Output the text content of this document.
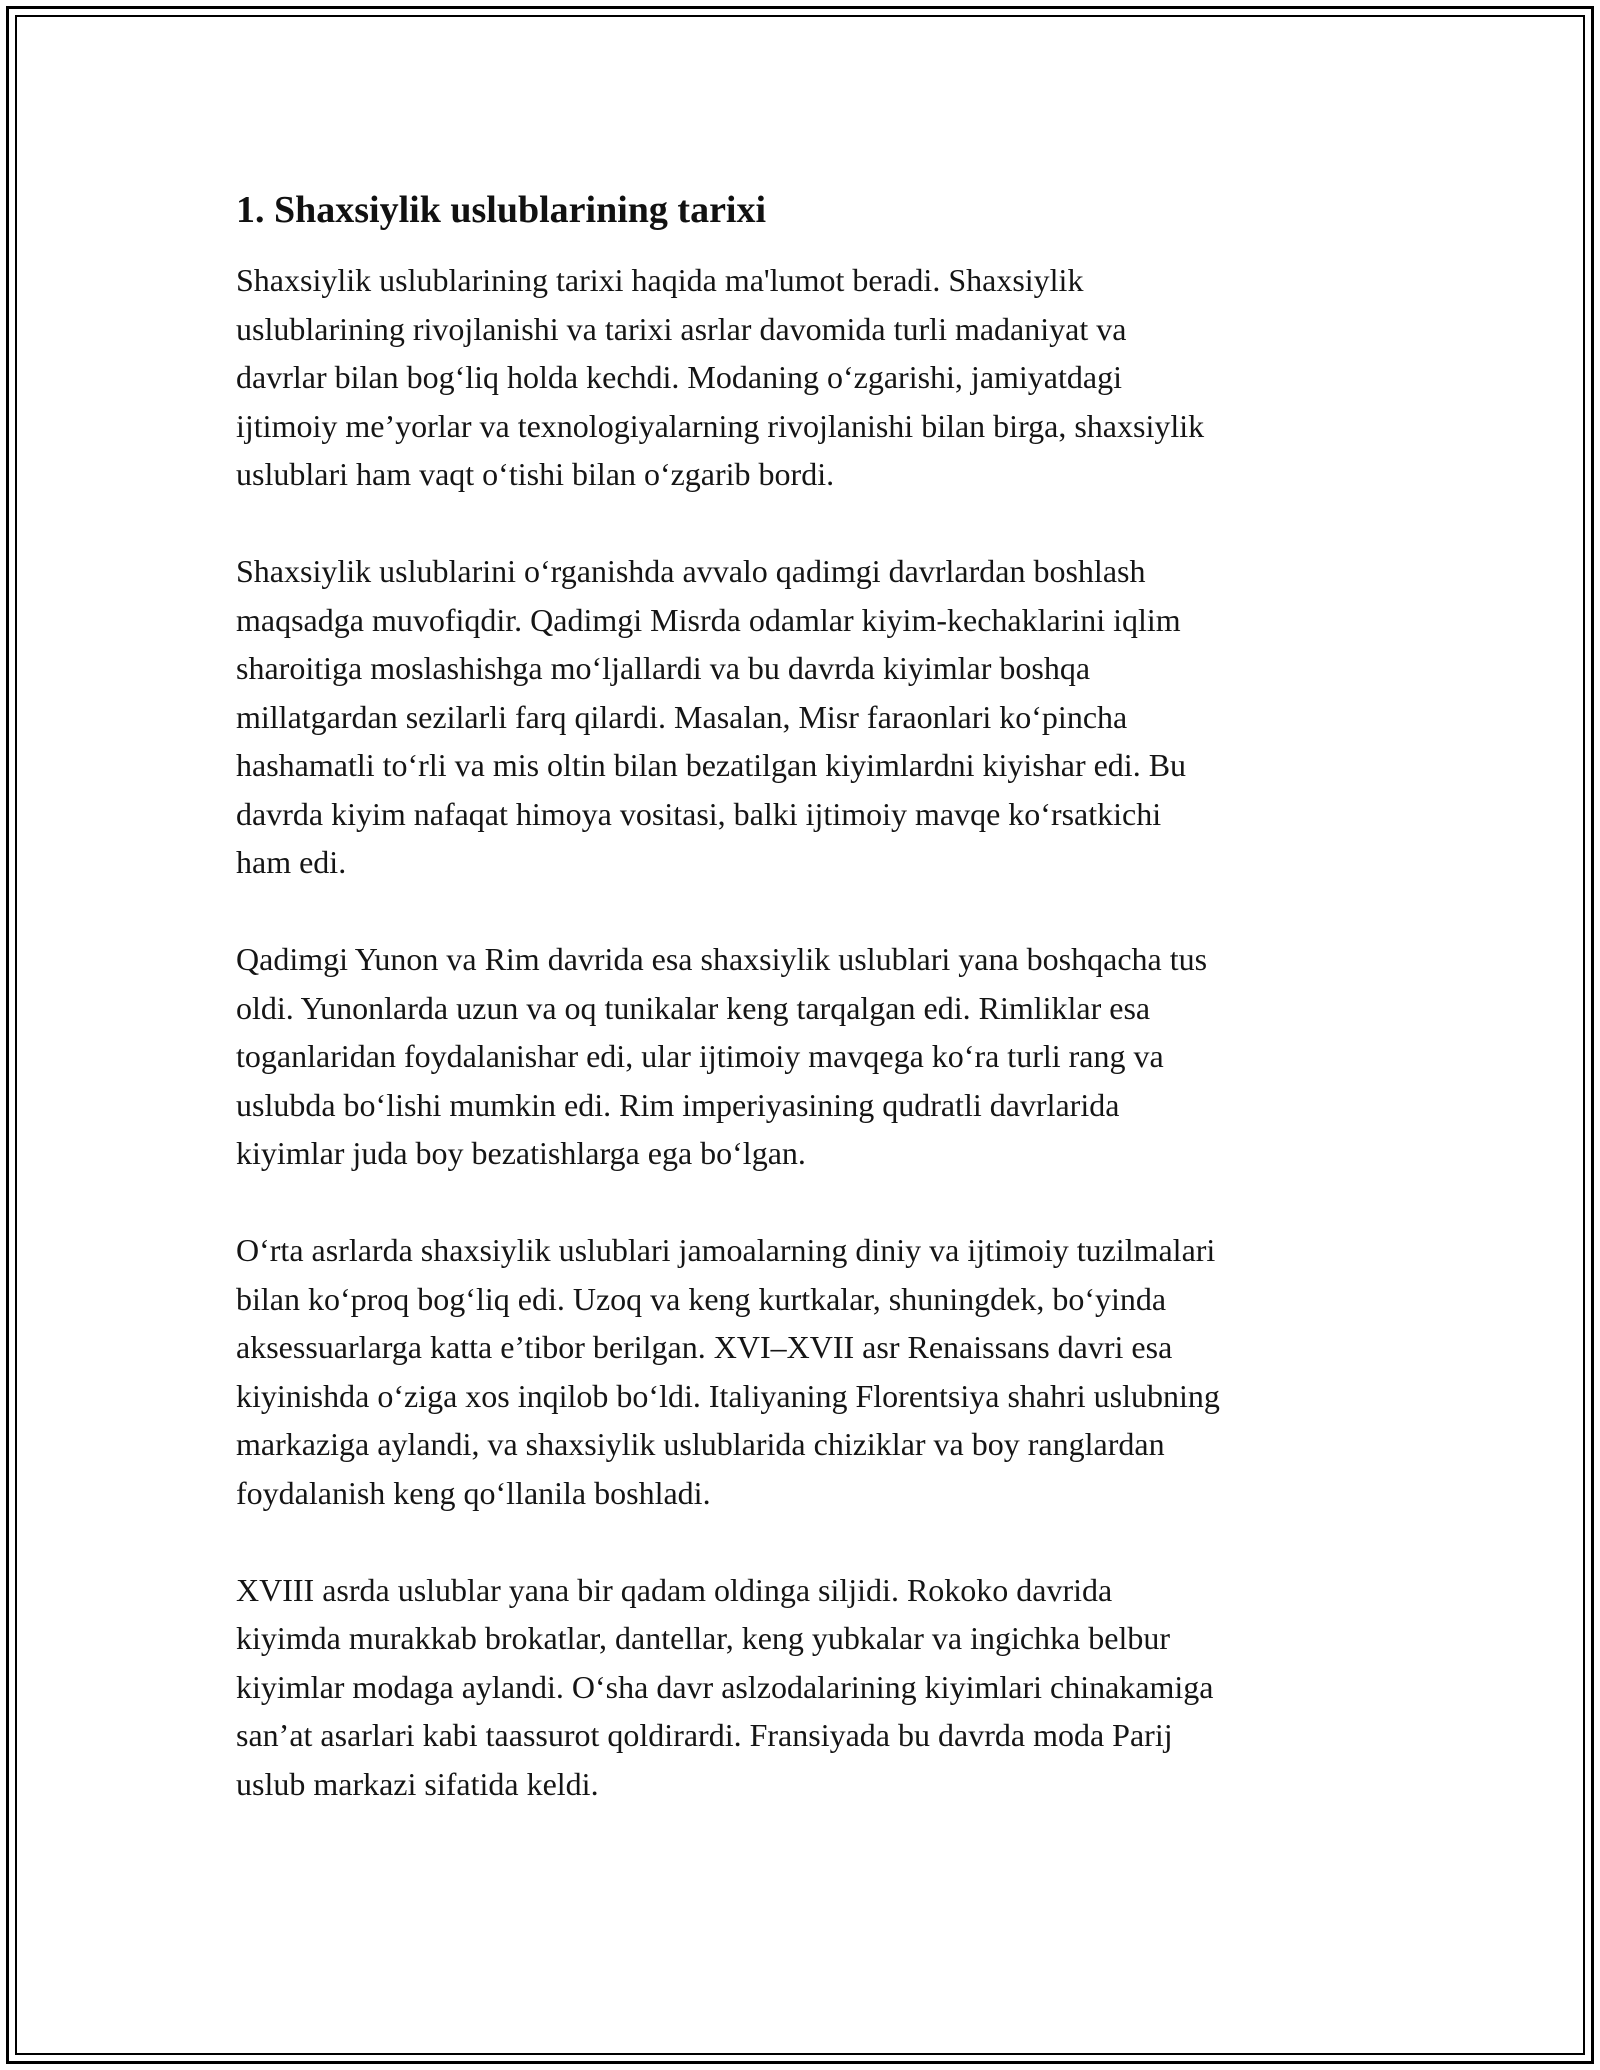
1. Shaxsiylik uslublarining tarixi

Shaxsiylik uslublarining tarixi haqida ma'lumot beradi. Shaxsiylik
uslublarining rivojlanishi va tarixi asrlar davomida turli madaniyat va
davrlar bilan bog‘liq holda kechdi. Modaning o‘zgarishi, jamiyatdagi
ijtimoiy me’yorlar va texnologiyalarning rivojlanishi bilan birga, shaxsiylik
uslublari ham vaqt o‘tishi bilan o‘zgarib bordi.

Shaxsiylik uslublarini o‘rganishda avvalo qadimgi davrlardan boshlash
maqsadga muvofiqdir. Qadimgi Misrda odamlar kiyim-kechaklarini iqlim
sharoitiga moslashishga mo‘ljallardi va bu davrda kiyimlar boshqa
millatgardan sezilarli farq qilardi. Masalan, Misr faraonlari ko‘pincha
hashamatli to‘rli va mis oltin bilan bezatilgan kiyimlardni kiyishar edi. Bu
davrda kiyim nafaqat himoya vositasi, balki ijtimoiy mavqe ko‘rsatkichi
ham edi.

Qadimgi Yunon va Rim davrida esa shaxsiylik uslublari yana boshqacha tus
oldi. Yunonlarda uzun va oq tunikalar keng tarqalgan edi. Rimliklar esa
toganlaridan foydalanishar edi, ular ijtimoiy mavqega ko‘ra turli rang va
uslubda bo‘lishi mumkin edi. Rim imperiyasining qudratli davrlarida
kiyimlar juda boy bezatishlarga ega bo‘lgan.

O‘rta asrlarda shaxsiylik uslublari jamoalarning diniy va ijtimoiy tuzilmalari
bilan ko‘proq bog‘liq edi. Uzoq va keng kurtkalar, shuningdek, bo‘yinda
aksessuarlarga katta e’tibor berilgan. XVI–XVII asr Renaissans davri esa
kiyinishda o‘ziga xos inqilob bo‘ldi. Italiyaning Florentsiya shahri uslubning
markaziga aylandi, va shaxsiylik uslublarida chiziklar va boy ranglardan
foydalanish keng qo‘llanila boshladi.

XVIII asrda uslublar yana bir qadam oldinga siljidi. Rokoko davrida
kiyimda murakkab brokatlar, dantellar, keng yubkalar va ingichka belbur
kiyimlar modaga aylandi. O‘sha davr aslzodalarining kiyimlari chinakamiga
san’at asarlari kabi taassurot qoldirardi. Fransiyada bu davrda moda Parij
uslub markazi sifatida keldi.
